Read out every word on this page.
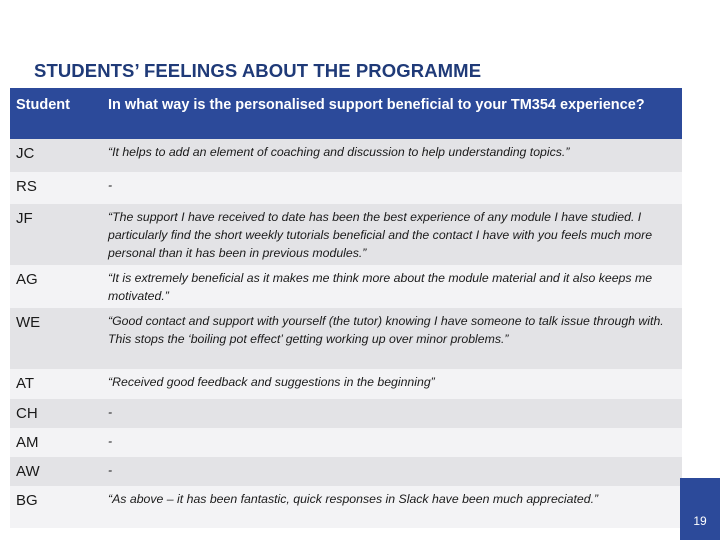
STUDENTS’ FEELINGS ABOUT THE PROGRAMME
Student	In what way is the personalised support beneficial to your TM354 experience?
JC	“It helps to add an element of coaching and discussion to help understanding topics.”
RS	-
JF	“The support I have received to date has been the best experience of any module I have studied. I particularly find the short weekly tutorials beneficial and the contact I have with you feels much more personal than it has been in previous modules.”
AG	“It is extremely beneficial as it makes me think more about the module material and it also keeps me motivated.”
WE	“Good contact and support with yourself (the tutor) knowing I have someone to talk issue through with. This stops the ‘boiling pot effect’ getting working up over minor problems.”
AT	“Received good feedback and suggestions in the beginning”
CH	-
AM	-
AW	-
BG	“As above – it has been fantastic, quick responses in Slack have been much appreciated.”
19
